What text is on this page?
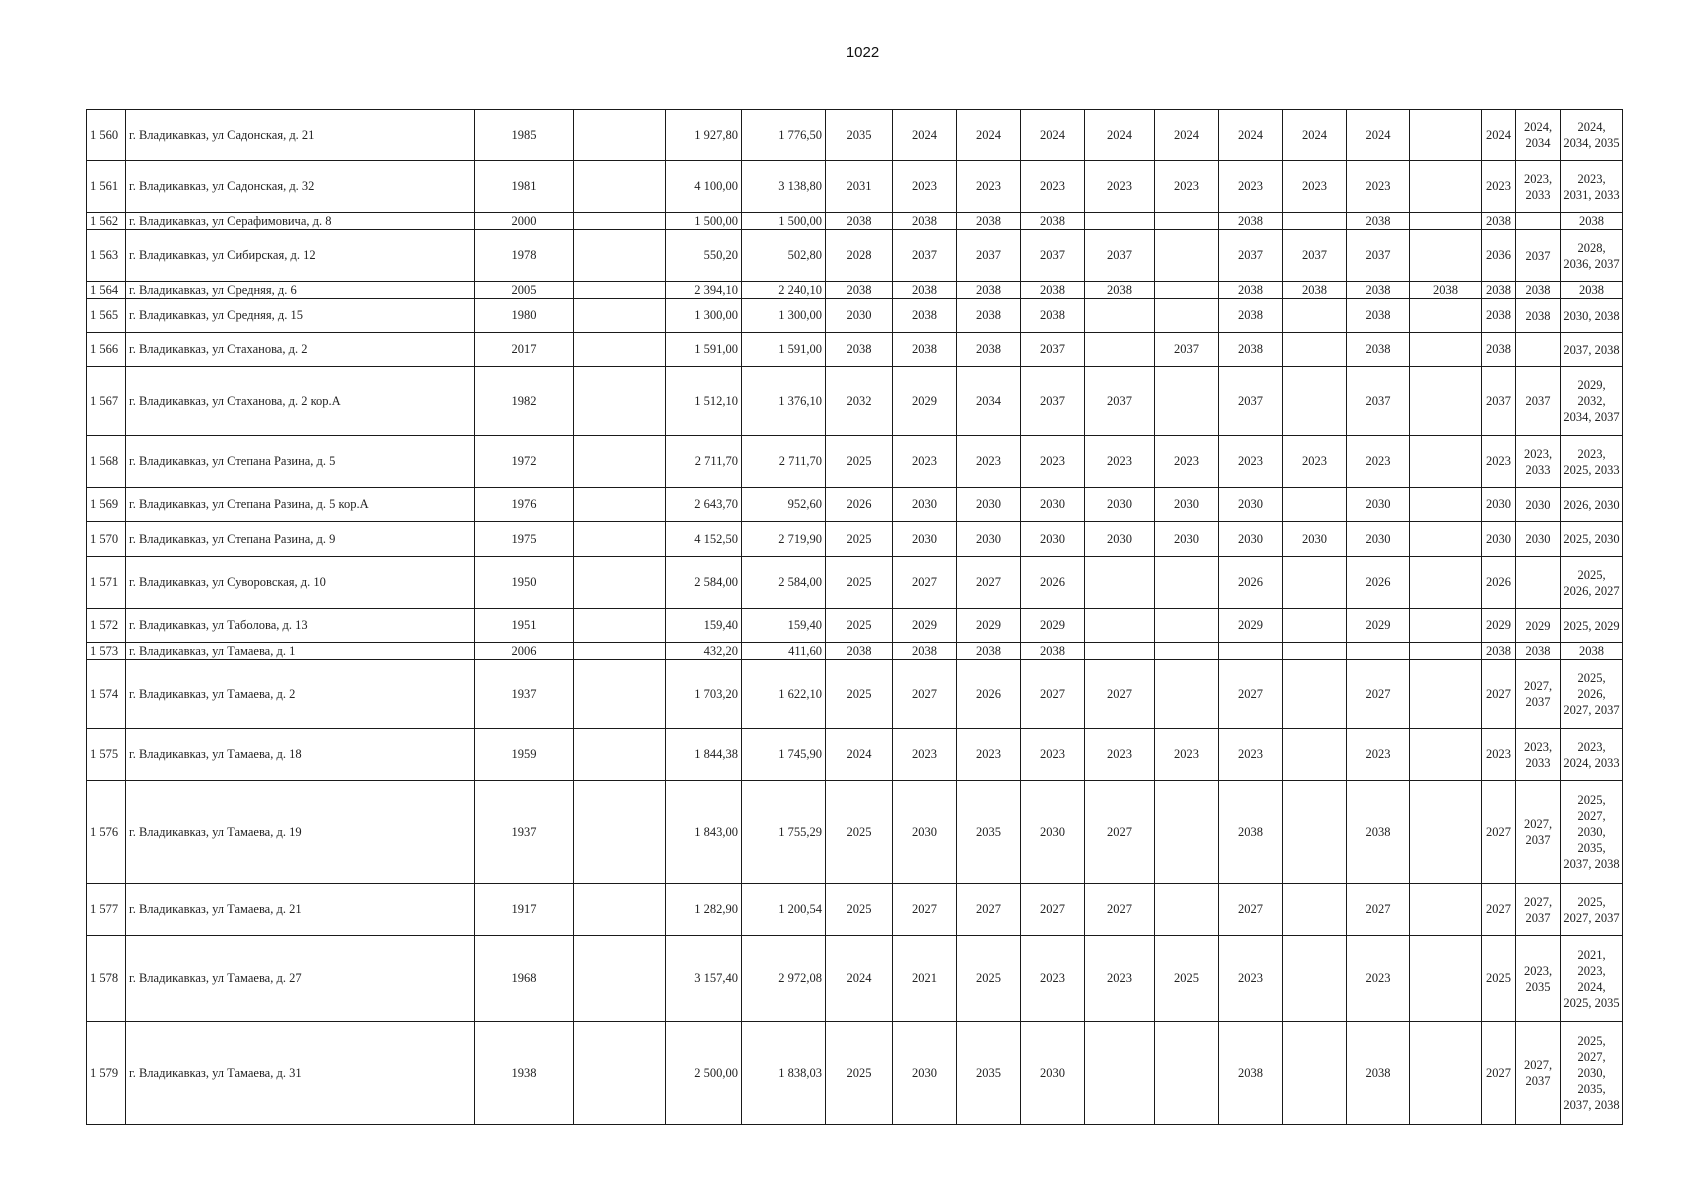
1022
1 560	г. Владикавказ, ул Садонская, д. 21	1985		1 927,80	1 776,50	2035	2024	2024	2024	2024	2024	2024	2024	2024		2024	2024, 2034	2024, 2034, 2035
1 561	г. Владикавказ, ул Садонская, д. 32	1981		4 100,00	3 138,80	2031	2023	2023	2023	2023	2023	2023	2023	2023		2023	2023, 2033	2023, 2031, 2033
1 562	г. Владикавказ, ул Серафимовича, д. 8	2000		1 500,00	1 500,00	2038	2038	2038	2038			2038		2038		2038		2038
1 563	г. Владикавказ, ул Сибирская, д. 12	1978		550,20	502,80	2028	2037	2037	2037	2037		2037	2037	2037		2036	2037	2028, 2036, 2037
1 564	г. Владикавказ, ул Средняя, д. 6	2005		2 394,10	2 240,10	2038	2038	2038	2038	2038		2038	2038	2038	2038	2038	2038	2038
1 565	г. Владикавказ, ул Средняя, д. 15	1980		1 300,00	1 300,00	2030	2038	2038	2038			2038		2038		2038	2038	2030, 2038
1 566	г. Владикавказ, ул Стаханова, д. 2	2017		1 591,00	1 591,00	2038	2038	2038	2037		2037	2038		2038		2038		2037, 2038
1 567	г. Владикавказ, ул Стаханова, д. 2 кор.А	1982		1 512,10	1 376,10	2032	2029	2034	2037	2037		2037		2037		2037	2037	2029, 2032, 2034, 2037
1 568	г. Владикавказ, ул Степана Разина, д. 5	1972		2 711,70	2 711,70	2025	2023	2023	2023	2023	2023	2023	2023	2023		2023	2023, 2033	2023, 2025, 2033
1 569	г. Владикавказ, ул Степана Разина, д. 5 кор.А	1976		2 643,70	952,60	2026	2030	2030	2030	2030	2030	2030		2030		2030	2030	2026, 2030
1 570	г. Владикавказ, ул Степана Разина, д. 9	1975		4 152,50	2 719,90	2025	2030	2030	2030	2030	2030	2030	2030	2030		2030	2030	2025, 2030
1 571	г. Владикавказ, ул Суворовская, д. 10	1950		2 584,00	2 584,00	2025	2027	2027	2026			2026		2026		2026		2025, 2026, 2027
1 572	г. Владикавказ, ул Таболова, д. 13	1951		159,40	159,40	2025	2029	2029	2029			2029		2029		2029	2029	2025, 2029
1 573	г. Владикавказ, ул Тамаева, д. 1	2006		432,20	411,60	2038	2038	2038	2038							2038	2038	2038
1 574	г. Владикавказ, ул Тамаева, д. 2	1937		1 703,20	1 622,10	2025	2027	2026	2027	2027		2027		2027		2027	2027, 2037	2025, 2026, 2027, 2037
1 575	г. Владикавказ, ул Тамаева, д. 18	1959		1 844,38	1 745,90	2024	2023	2023	2023	2023	2023	2023		2023		2023	2023, 2033	2023, 2024, 2033
1 576	г. Владикавказ, ул Тамаева, д. 19	1937		1 843,00	1 755,29	2025	2030	2035	2030	2027		2038		2038		2027	2027, 2037	2025, 2027, 2030, 2035, 2037, 2038
1 577	г. Владикавказ, ул Тамаева, д. 21	1917		1 282,90	1 200,54	2025	2027	2027	2027	2027		2027		2027		2027	2027, 2037	2025, 2027, 2037
1 578	г. Владикавказ, ул Тамаева, д. 27	1968		3 157,40	2 972,08	2024	2021	2025	2023	2023	2025	2023		2023		2025	2023, 2035	2021, 2023, 2024, 2025, 2035
1 579	г. Владикавказ, ул Тамаева, д. 31	1938		2 500,00	1 838,03	2025	2030	2035	2030			2038		2038		2027	2027, 2037	2025, 2027, 2030, 2035, 2037, 2038
